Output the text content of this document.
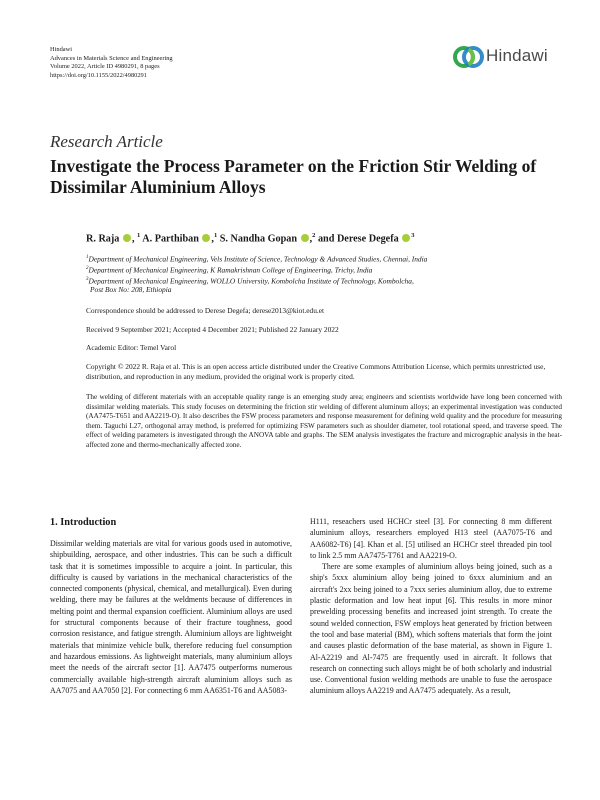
Hindawi
Advances in Materials Science and Engineering
Volume 2022, Article ID 4980291, 8 pages
https://doi.org/10.1155/2022/4980291
Hindawi
Research Article
Investigate the Process Parameter on the Friction Stir Welding of Dissimilar Aluminium Alloys
R. Raja , $^1$ A. Parthiban ,$^1$ S. Nandha Gopan ,$^2$ and Derese Degefa $^3$
$^1$Department of Mechanical Engineering, Vels Institute of Science, Technology & Advanced Studies, Chennai, India
$^2$Department of Mechanical Engineering, K Ramakrishnan College of Engineering, Trichy, India
$^3$Department of Mechanical Engineering, WOLLO University, Kombolcha Institute of Technology, Kombolcha,
Post Box No: 208, Ethiopia
Correspondence should be addressed to Derese Degefa; derese2013@kiot.edu.et
Received 9 September 2021; Accepted 4 December 2021; Published 22 January 2022
Academic Editor: Temel Varol
Copyright © 2022 R. Raja et al. This is an open access article distributed under the Creative Commons Attribution License, which permits unrestricted use, distribution, and reproduction in any medium, provided the original work is properly cited.
The welding of different materials with an acceptable quality range is an emerging study area; engineers and scientists worldwide have long been concerned with dissimilar welding materials. This study focuses on determining the friction stir welding of different aluminum alloys; an experimental investigation was conducted (AA7475-T651 and AA2219-O). It also describes the FSW process parameters and response measurement for defining weld quality and the procedure for measuring them. Taguchi L27, orthogonal array method, is preferred for optimizing FSW parameters such as shoulder diameter, tool rotational speed, and traverse speed. The effect of welding parameters is investigated through the ANOVA table and graphs. The SEM analysis investigates the fracture and micrographic analysis in the heat-affected zone and thermo-mechanically affected zone.
1. Introduction

Dissimilar welding materials are vital for various goods used in automotive, shipbuilding, aerospace, and other industries. This can be such a difficult task that it is sometimes impossible to acquire a joint. In particular, this difficulty is caused by variations in the mechanical characteristics of the connected components (physical, chemical, and metallurgical). Even during welding, there may be failures at the weldments because of differences in melting point and thermal expansion coefficient. Aluminium alloys are used for structural components because of their fracture toughness, good corrosion resistance, and fatigue strength. Aluminium alloys are lightweight materials that minimize vehicle bulk, therefore reducing fuel consumption and hazardous emissions. As lightweight materials, many aluminium alloys meet the needs of the aircraft sector [1]. AA7475 outperforms numerous commercially available high-strength aircraft aluminium alloys such as AA7075 and AA7050 [2]. For connecting 6 mm AA6351-T6 and AA5083-

H111, reseachers used HCHCr steel [3]. For connecting 8 mm different aluminium alloys, researchers employed H13 steel (AA7075-T6 and AA6082-T6) [4]. Khan et al. [5] utilised an HCHCr steel threaded pin tool to link 2.5 mm AA7475-T761 and AA2219-O.

There are some examples of aluminium alloys being joined, such as a ship's 5xxx aluminium alloy being joined to 6xxx aluminium and an aircraft's 2xx being joined to a 7xxx series aluminium alloy, due to extreme plastic deformation and low heat input [6]. This results in more minor prewelding processing benefits and increased joint strength. To create the sound welded connection, FSW employs heat generated by friction between the tool and base material (BM), which softens materials that form the joint and causes plastic deformation of the base material, as shown in Figure 1. Al-A2219 and Al-7475 are frequently used in aircraft. It follows that research on connecting such alloys might be of both scholarly and industrial use. Conventional fusion welding methods are unable to fuse the aerospace aluminium alloys AA2219 and AA7475 adequately. As a result,
